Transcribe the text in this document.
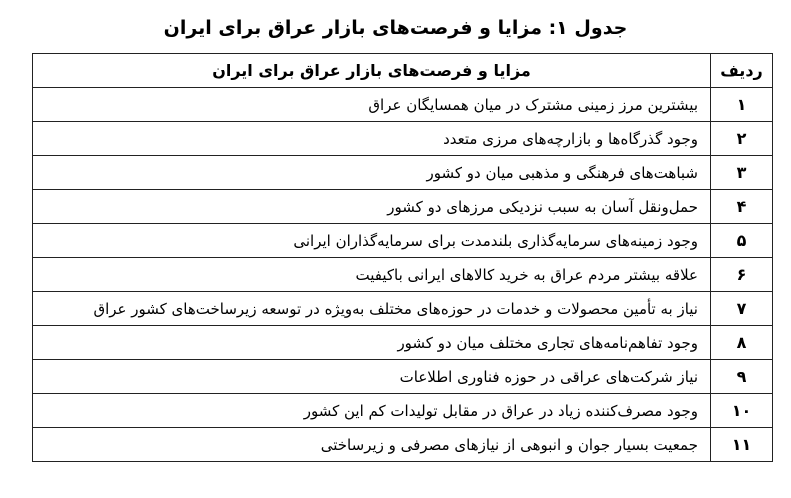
جدول ۱: مزایا و فرصت‌های بازار عراق برای ایران
ردیف	مزایا و فرصت‌های بازار عراق برای ایران
۱	بیشترین مرز زمینی مشترک در میان همسایگان عراق
۲	وجود گذرگاه‌ها و بازارچه‌های مرزی متعدد
۳	شباهت‌های فرهنگی و مذهبی میان دو کشور
۴	حمل‌ونقل آسان به سبب نزدیکی مرزهای دو کشور
۵	وجود زمینه‌های سرمایه‌گذاری بلندمدت برای سرمایه‌گذاران ایرانی
۶	علاقه بیشتر مردم عراق به خرید کالاهای ایرانی باکیفیت
۷	نیاز به تأمین محصولات و خدمات در حوزه‌های مختلف به‌ویژه در توسعه زیرساخت‌های کشور عراق
۸	وجود تفاهم‌نامه‌های تجاری مختلف میان دو کشور
۹	نیاز شرکت‌های عراقی در حوزه فناوری اطلاعات
۱۰	وجود مصرف‌کننده زیاد در عراق در مقابل تولیدات کم این کشور
۱۱	جمعیت بسیار جوان و انبوهی از نیازهای مصرفی و زیرساختی
